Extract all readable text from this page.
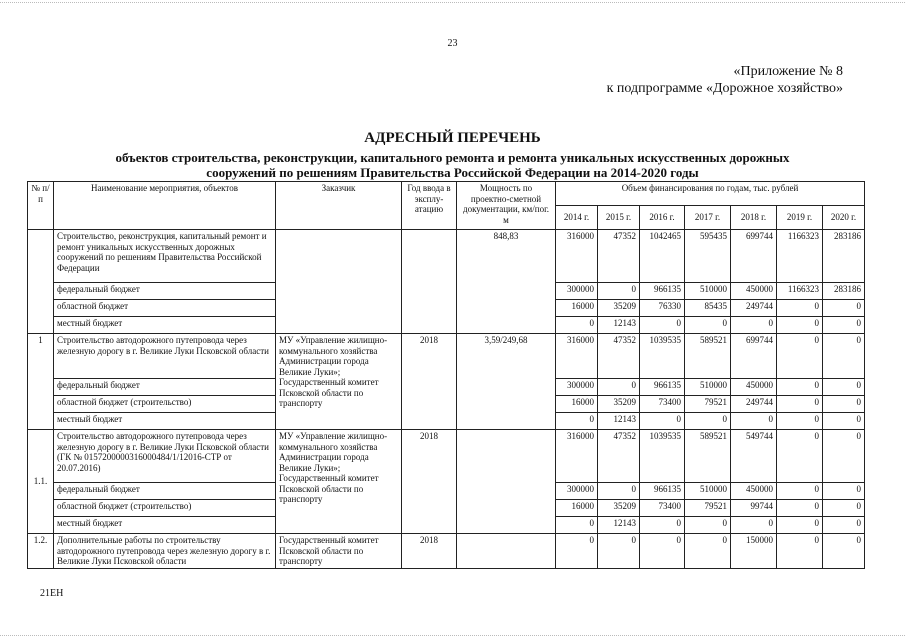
23
«Приложение № 8
к подпрограмме «Дорожное хозяйство»
АДРЕСНЫЙ ПЕРЕЧЕНЬ
объектов строительства, реконструкции, капитального ремонта и ремонта уникальных искусственных дорожных
сооружений по решениям Правительства Российской Федерации на 2014-2020 годы
№ п/п	Наименование мероприятия, объектов	Заказчик	Год ввода в эксплу-атацию	Мощность по проектно-сметной документации, км/пог. м	Объем финансирования по годам, тыс. рублей						
					2014 г.	2015 г.	2016 г.	2017 г.	2018 г.	2019 г.	2020 г.
	Строительство, реконструкция, капитальный ремонт и ремонт уникальных искусственных дорожных сооружений по решениям Правительства Российской Федерации			848,83	316000	47352	1042465	595435	699744	1166323	283186
	федеральный бюджет				300000	0	966135	510000	450000	1166323	283186
	областной бюджет				16000	35209	76330	85435	249744	0	0
	местный бюджет				0	12143	0	0	0	0	0
1	Строительство автодорожного путепровода через железную дорогу в г. Великие Луки Псковской области	МУ «Управление жилищно-коммунального хозяйства Администрации города Великие Луки»; Государственный комитет Псковской области по транспорту	2018	3,59/249,68	316000	47352	1039535	589521	699744	0	0
	федеральный бюджет				300000	0	966135	510000	450000	0	0
	областной бюджет (строительство)				16000	35209	73400	79521	249744	0	0
	местный бюджет				0	12143	0	0	0	0	0
1.1.	Строительство автодорожного путепровода через железную дорогу в г. Великие Луки Псковской области (ГК № 0157200000316000484/1/12016-СТР от 20.07.2016)	МУ «Управление жилищно-коммунального хозяйства Администрации города Великие Луки»; Государственный комитет Псковской области по транспорту	2018		316000	47352	1039535	589521	549744	0	0
	федеральный бюджет				300000	0	966135	510000	450000	0	0
	областной бюджет (строительство)				16000	35209	73400	79521	99744	0	0
	местный бюджет				0	12143	0	0	0	0	0
1.2.	Дополнительные работы по строительству автодорожного путепровода через железную дорогу в г. Великие Луки Псковской области	Государственный комитет Псковской области по транспорту	2018		0	0	0	0	150000	0	0
21ЕН
